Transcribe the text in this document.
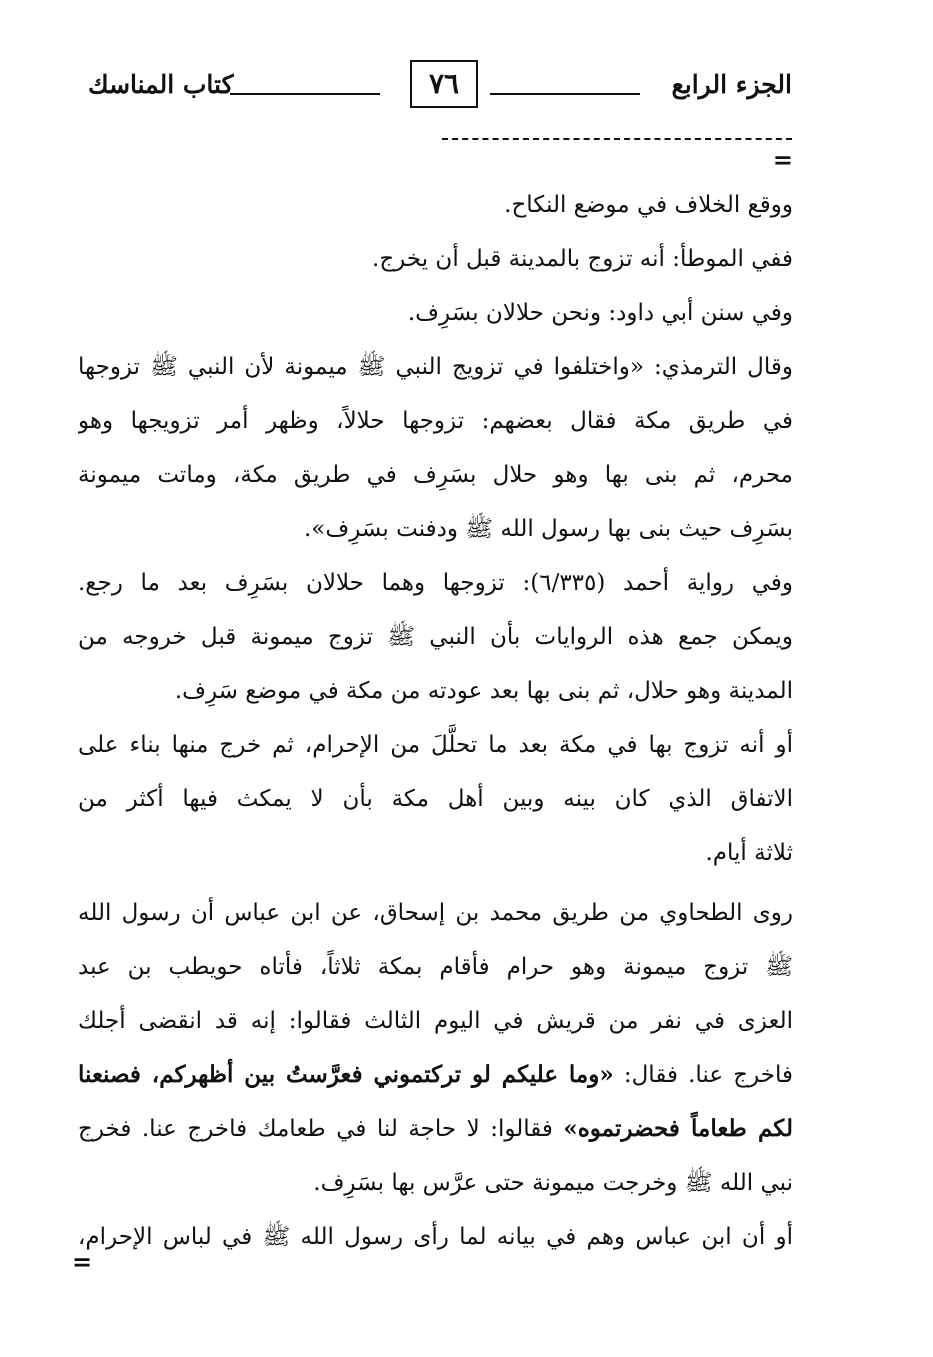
الجزء الرابع
٧٦
كتاب المناسك
=
ووقع الخلاف في موضع النكاح.
ففي الموطأ: أنه تزوج بالمدينة قبل أن يخرج.
وفي سنن أبي داود: ونحن حلالان بسَرِف.
وقال الترمذي: «واختلفوا في تزويج النبي ﷺ ميمونة لأن النبي ﷺ تزوجها
في طريق مكة فقال بعضهم: تزوجها حلالاً، وظهر أمر تزويجها وهو
محرم، ثم بنى بها وهو حلال بسَرِف في طريق مكة، وماتت ميمونة
بسَرِف حيث بنى بها رسول الله ﷺ ودفنت بسَرِف».
وفي رواية أحمد (٦/٣٣٥): تزوجها وهما حلالان بسَرِف بعد ما رجع.
ويمكن جمع هذه الروايات بأن النبي ﷺ تزوج ميمونة قبل خروجه من
المدينة وهو حلال، ثم بنى بها بعد عودته من مكة في موضع سَرِف.
أو أنه تزوج بها في مكة بعد ما تحلَّلَ من الإحرام، ثم خرج منها بناء على
الاتفاق الذي كان بينه وبين أهل مكة بأن لا يمكث فيها أكثر من
ثلاثة أيام.
روى الطحاوي من طريق محمد بن إسحاق، عن ابن عباس أن رسول الله
ﷺ تزوج ميمونة وهو حرام فأقام بمكة ثلاثاً، فأتاه حويطب بن عبد
العزى في نفر من قريش في اليوم الثالث فقالوا: إنه قد انقضى أجلك
فاخرج عنا. فقال: «وما عليكم لو تركتموني فعرَّستُ بين أظهركم، فصنعنا
لكم طعاماً فحضرتموه» فقالوا: لا حاجة لنا في طعامك فاخرج عنا. فخرج
نبي الله ﷺ وخرجت ميمونة حتى عرَّس بها بسَرِف.
أو أن ابن عباس وهم في بيانه لما رأى رسول الله ﷺ في لباس الإحرام،
=
